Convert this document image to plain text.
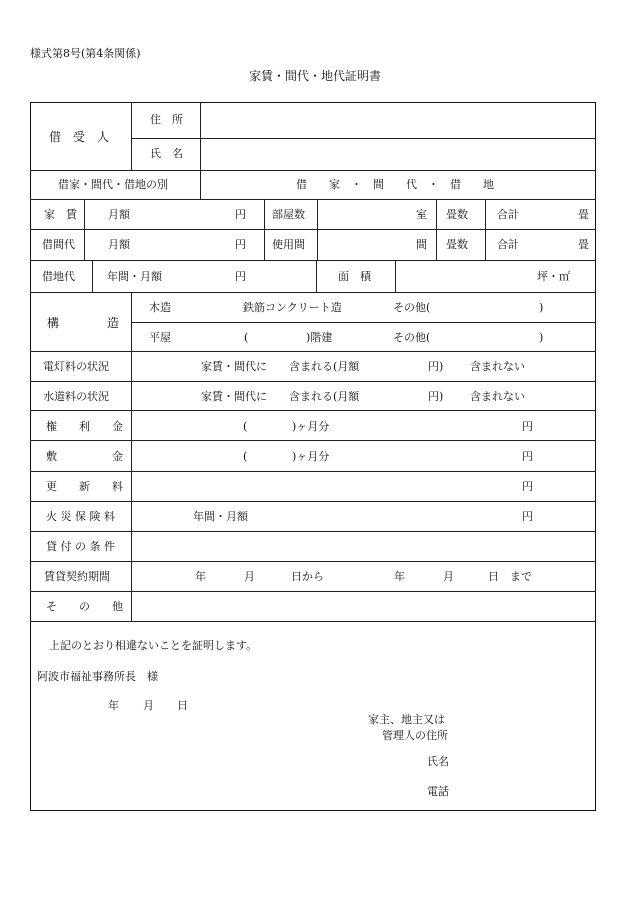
様式第8号(第4条関係)
家賃・間代・地代証明書
借　受　人
住　所
氏　名
借家・間代・借地の別	借　　家　・　間　　代　・　借　　地
家　賃	月額	円 部屋数	室 畳数	合計	畳
借間代	月額	円 使用間	間 畳数	合計	畳
借地代	年間・月額	円	面　積	坪・㎡
構　　　　造
木造	鉄筋コンクリート造	その他(	)
平屋	(	)階建	その他(	)
電灯料の状況	家賃・間代に　　含まれる(月額	円) 含まれない
水道料の状況	家賃・間代に　　含まれる(月額	円) 含まれない
権　　利　　金	(	)ヶ月分	円
敷　　　　　金	(	)ヶ月分	円
更　　新　　料	円
火 災 保 険 料	年間・月額	円
貸 付 の 条 件
賃貸契約期間	年	月	日から	年	月	日　まで
そ　　の　　他
上記のとおり相違ないことを証明します。
阿波市福祉事務所長　様
年 月 日
家主、地主又は
管理人の住所
氏名
電話
